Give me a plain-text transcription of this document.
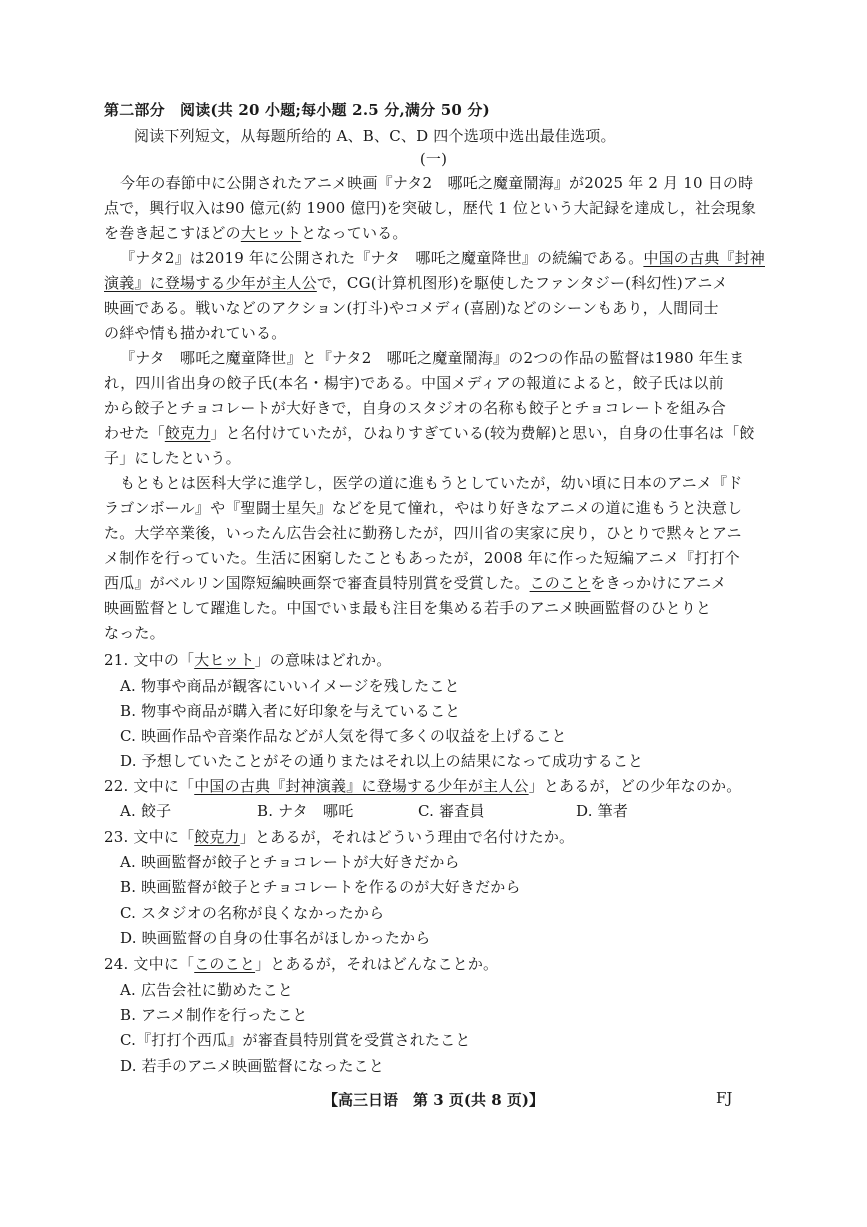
第二部分　阅读(共 20 小题;每小题 2.5 分,满分 50 分)
阅读下列短文，从每题所给的 A、B、C、D 四个选项中选出最佳选项。
(一)
今年の春節中に公開されたアニメ映画『ナタ2　哪吒之魔童鬧海』が2025 年 2 月 10 日の時
点で，興行収入は90 億元(約 1900 億円)を突破し，歴代 1 位という大記録を達成し，社会現象
を巻き起こすほどの大ヒットとなっている。
『ナタ2』は2019 年に公開された『ナタ　哪吒之魔童降世』の続編である。中国の古典『封神
演義』に登場する少年が主人公で，CG(计算机图形)を駆使したファンタジー(科幻性)アニメ
映画である。戦いなどのアクション(打斗)やコメディ(喜剧)などのシーンもあり，人間同士
の絆や情も描かれている。
『ナタ　哪吒之魔童降世』と『ナタ2　哪吒之魔童鬧海』の2つの作品の監督は1980 年生ま
れ，四川省出身の餃子氏(本名・楊宇)である。中国メディアの報道によると，餃子氏は以前
から餃子とチョコレートが大好きで，自身のスタジオの名称も餃子とチョコレートを組み合
わせた「餃克力」と名付けていたが，ひねりすぎている(较为费解)と思い，自身の仕事名は「餃
子」にしたという。
もともとは医科大学に進学し，医学の道に進もうとしていたが，幼い頃に日本のアニメ『ド
ラゴンボール』や『聖闘士星矢』などを見て憧れ，やはり好きなアニメの道に進もうと決意し
た。大学卒業後，いったん広告会社に勤務したが，四川省の実家に戻り，ひとりで黙々とアニ
メ制作を行っていた。生活に困窮したこともあったが，2008 年に作った短編アニメ『打打个
西瓜』がベルリン国際短編映画祭で審査員特別賞を受賞した。このことをきっかけにアニメ
映画監督として躍進した。中国でいま最も注目を集める若手のアニメ映画監督のひとりと
なった。
21. 文中の「大ヒット」の意味はどれか。
A. 物事や商品が観客にいいイメージを残したこと
B. 物事や商品が購入者に好印象を与えていること
C. 映画作品や音楽作品などが人気を得て多くの収益を上げること
D. 予想していたことがその通りまたはそれ以上の結果になって成功すること
22. 文中に「中国の古典『封神演義』に登場する少年が主人公」とあるが，どの少年なのか。
A. 餃子	B. ナタ　哪吒	C. 審査員	D. 筆者
23. 文中に「餃克力」とあるが，それはどういう理由で名付けたか。
A. 映画監督が餃子とチョコレートが大好きだから
B. 映画監督が餃子とチョコレートを作るのが大好きだから
C. スタジオの名称が良くなかったから
D. 映画監督の自身の仕事名がほしかったから
24. 文中に「このこと」とあるが，それはどんなことか。
A. 広告会社に勤めたこと
B. アニメ制作を行ったこと
C.『打打个西瓜』が審査員特別賞を受賞されたこと
D. 若手のアニメ映画監督になったこと
【高三日语　第 3 页(共 8 页)】	FJ
